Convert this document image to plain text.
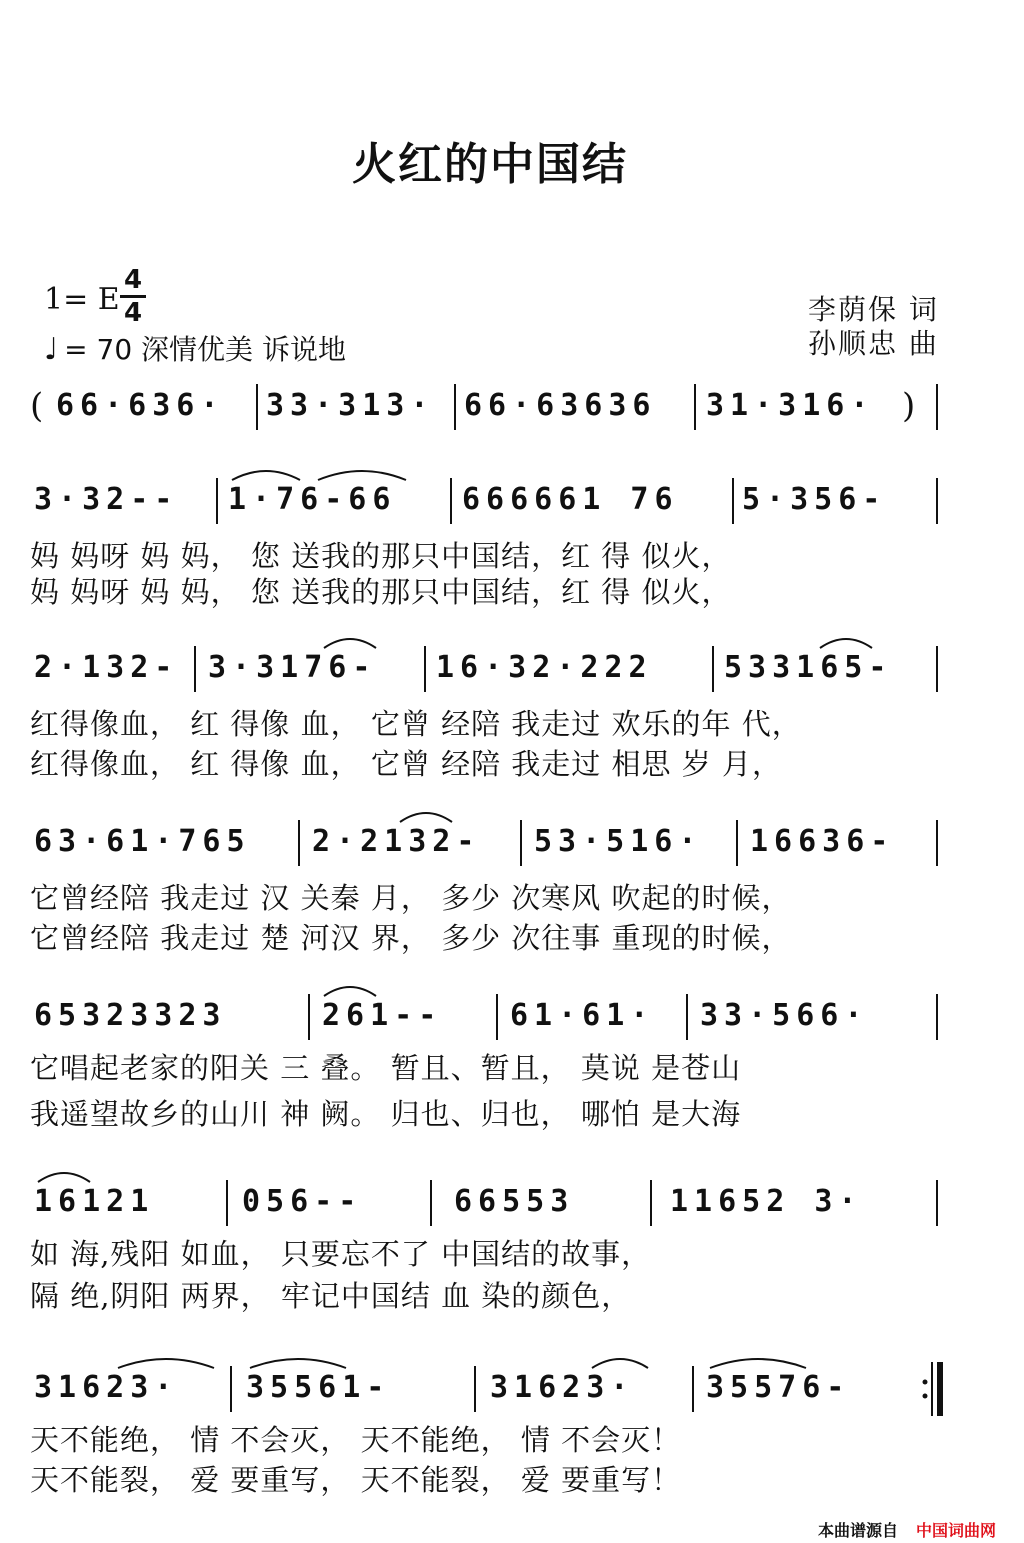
火红的中国结
1= E
4
4
♩ = 70 深情优美 诉说地
李荫保 词
孙顺忠 曲
( 66·636· 33·313· 66·63636 31·316· )
3·32-- 1·76-66 666661 76 5·356-
妈 妈呀 妈 妈， 您 送我的那只中国结，红 得 似火，
妈 妈呀 妈 妈， 您 送我的那只中国结，红 得 似火，
2·132- 3·3176- 16·32·222 533165-
红得像血， 红 得像 血， 它曾 经陪 我走过 欢乐的年 代，
红得像血， 红 得像 血， 它曾 经陪 我走过 相思 岁 月，
63·61·765 2·2132- 53·516· 16636-
它曾经陪 我走过 汉 关秦 月， 多少 次寒风 吹起的时候，
它曾经陪 我走过 楚 河汉 界， 多少 次往事 重现的时候，
65323323	261-- 61·61· 33·566·
它唱起老家的阳关 三 叠。 暂且、暂且， 莫说 是苍山
我遥望故乡的山川 神 阙。 归也、归也， 哪怕 是大海
16121	056--	66553	11652 3·
如 海,残阳 如血， 只要忘不了 中国结的故事，
隔 绝,阴阳 两界， 牢记中国结 血 染的颜色，
31623· 35561-	31623· 35576-
天不能绝， 情 不会灭， 天不能绝， 情 不会灭！
天不能裂， 爱 要重写， 天不能裂， 爱 要重写！
本曲谱源自 中国词曲网
